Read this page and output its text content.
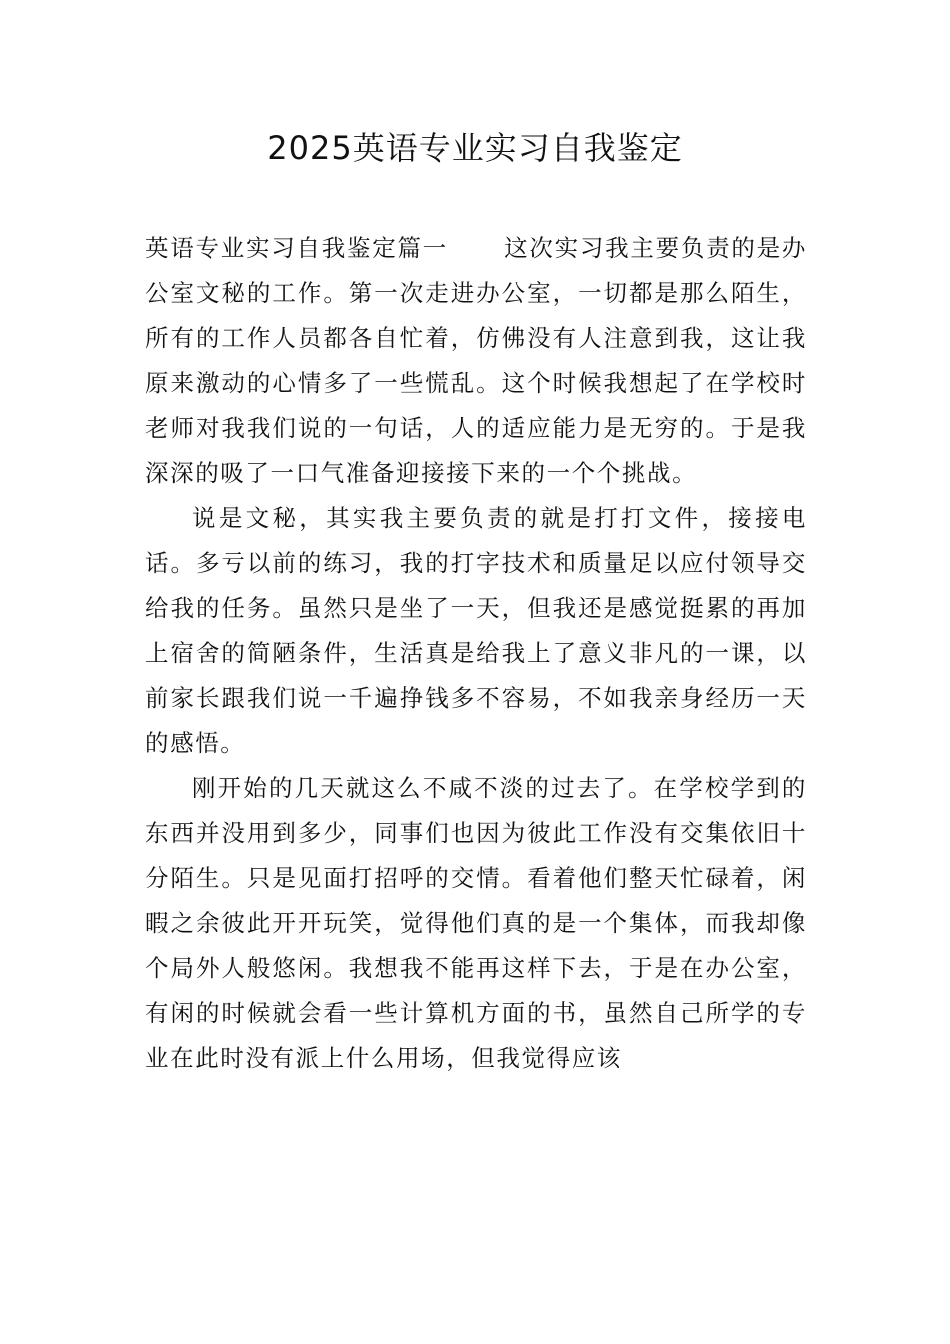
2025英语专业实习自我鉴定

英语专业实习自我鉴定篇一 这次实习我主要负责的是办公室文秘的工作。第一次走进办公室，一切都是那么陌生，所有的工作人员都各自忙着，仿佛没有人注意到我，这让我原来激动的心情多了一些慌乱。这个时候我想起了在学校时老师对我我们说的一句话，人的适应能力是无穷的。于是我深深的吸了一口气准备迎接接下来的一个个挑战。

说是文秘，其实我主要负责的就是打打文件，接接电话。多亏以前的练习，我的打字技术和质量足以应付领导交给我的任务。虽然只是坐了一天，但我还是感觉挺累的再加上宿舍的简陋条件，生活真是给我上了意义非凡的一课，以前家长跟我们说一千遍挣钱多不容易，不如我亲身经历一天的感悟。

刚开始的几天就这么不咸不淡的过去了。在学校学到的东西并没用到多少，同事们也因为彼此工作没有交集依旧十分陌生。只是见面打招呼的交情。看着他们整天忙碌着，闲暇之余彼此开开玩笑，觉得他们真的是一个集体，而我却像个局外人般悠闲。我想我不能再这样下去，于是在办公室，有闲的时候就会看一些计算机方面的书，虽然自己所学的专业在此时没有派上什么用场，但我觉得应该
